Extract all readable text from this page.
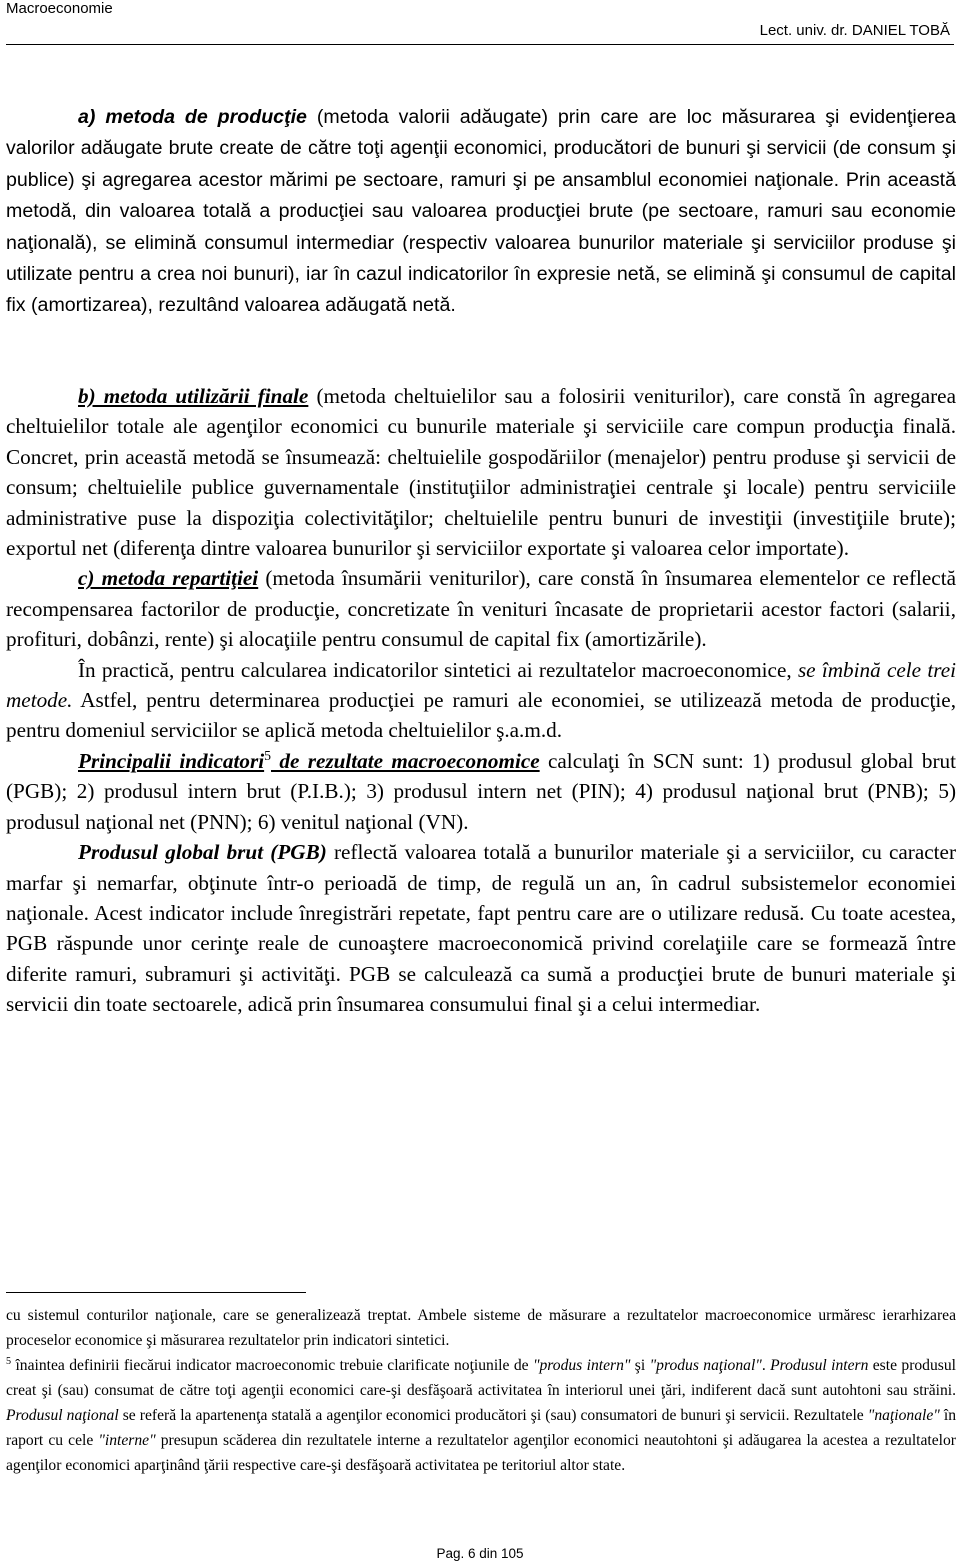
Macroeconomie
Lect. univ. dr. DANIEL TOBĂ

a) metoda de producţie (metoda valorii adăugate) prin care are loc măsurarea şi evidenţierea valorilor adăugate brute create de către toţi agenţii economici, producători de bunuri şi servicii (de consum şi publice) şi agregarea acestor mărimi pe sectoare, ramuri şi pe ansamblul economiei naţionale. Prin această metodă, din valoarea totală a producţiei sau valoarea producţiei brute (pe sectoare, ramuri sau economie naţională), se elimină consumul intermediar (respectiv valoarea bunurilor materiale şi serviciilor produse şi utilizate pentru a crea noi bunuri), iar în cazul indicatorilor în expresie netă, se elimină şi consumul de capital fix (amortizarea), rezultând valoarea adăugată netă.

b) metoda utilizării finale (metoda cheltuielilor sau a folosirii veniturilor), care constă în agregarea cheltuielilor totale ale agenţilor economici cu bunurile materiale şi serviciile care compun producţia finală. Concret, prin această metodă se însumează: cheltuielile gospodăriilor (menajelor) pentru produse şi servicii de consum; cheltuielile publice guvernamentale (instituţiilor administraţiei centrale şi locale) pentru serviciile administrative puse la dispoziţia colectivităţilor; cheltuielile pentru bunuri de investiţii (investiţiile brute); exportul net (diferenţa dintre valoarea bunurilor şi serviciilor exportate şi valoarea celor importate).

c) metoda repartiţiei (metoda însumării veniturilor), care constă în însumarea elementelor ce reflectă recompensarea factorilor de producţie, concretizate în venituri încasate de proprietarii acestor factori (salarii, profituri, dobânzi, rente) şi alocaţiile pentru consumul de capital fix (amortizările).

În practică, pentru calcularea indicatorilor sintetici ai rezultatelor macroeconomice, se îmbină cele trei metode. Astfel, pentru determinarea producţiei pe ramuri ale economiei, se utilizează metoda de producţie, pentru domeniul serviciilor se aplică metoda cheltuielilor ş.a.m.d.

Principalii indicatori$^5$ de rezultate macroeconomice calculaţi în SCN sunt: 1) produsul global brut (PGB); 2) produsul intern brut (P.I.B.); 3) produsul intern net (PIN); 4) produsul naţional brut (PNB); 5) produsul naţional net (PNN); 6) venitul naţional (VN).

Produsul global brut (PGB) reflectă valoarea totală a bunurilor materiale şi a serviciilor, cu caracter marfar şi nemarfar, obţinute într-o perioadă de timp, de regulă un an, în cadrul subsistemelor economiei naţionale. Acest indicator include înregistrări repetate, fapt pentru care are o utilizare redusă. Cu toate acestea, PGB răspunde unor cerinţe reale de cunoaştere macroeconomică privind corelaţiile care se formează între diferite ramuri, subramuri şi activităţi. PGB se calculează ca sumă a producţiei brute de bunuri materiale şi servicii din toate sectoarele, adică prin însumarea consumului final şi a celui intermediar.

cu sistemul conturilor naţionale, care se generalizează treptat. Ambele sisteme de măsurare a rezultatelor macroeconomice urmăresc ierarhizarea proceselor economice şi măsurarea rezultatelor prin indicatori sintetici.

$^5$ înaintea definirii fiecărui indicator macroeconomic trebuie clarificate noţiunile de "produs intern" şi "produs naţional". Produsul intern este produsul creat şi (sau) consumat de către toţi agenţii economici care-şi desfăşoară activitatea în interiorul unei ţări, indiferent dacă sunt autohtoni sau străini. Produsul naţional se referă la apartenenţa statală a agenţilor economici producători şi (sau) consumatori de bunuri şi servicii. Rezultatele "naţionale" în raport cu cele "interne" presupun scăderea din rezultatele interne a rezultatelor agenţilor economici neautohtoni şi adăugarea la acestea a rezultatelor agenţilor economici aparţinând ţării respective care-şi desfăşoară activitatea pe teritoriul altor state.

Pag. 6 din 105
